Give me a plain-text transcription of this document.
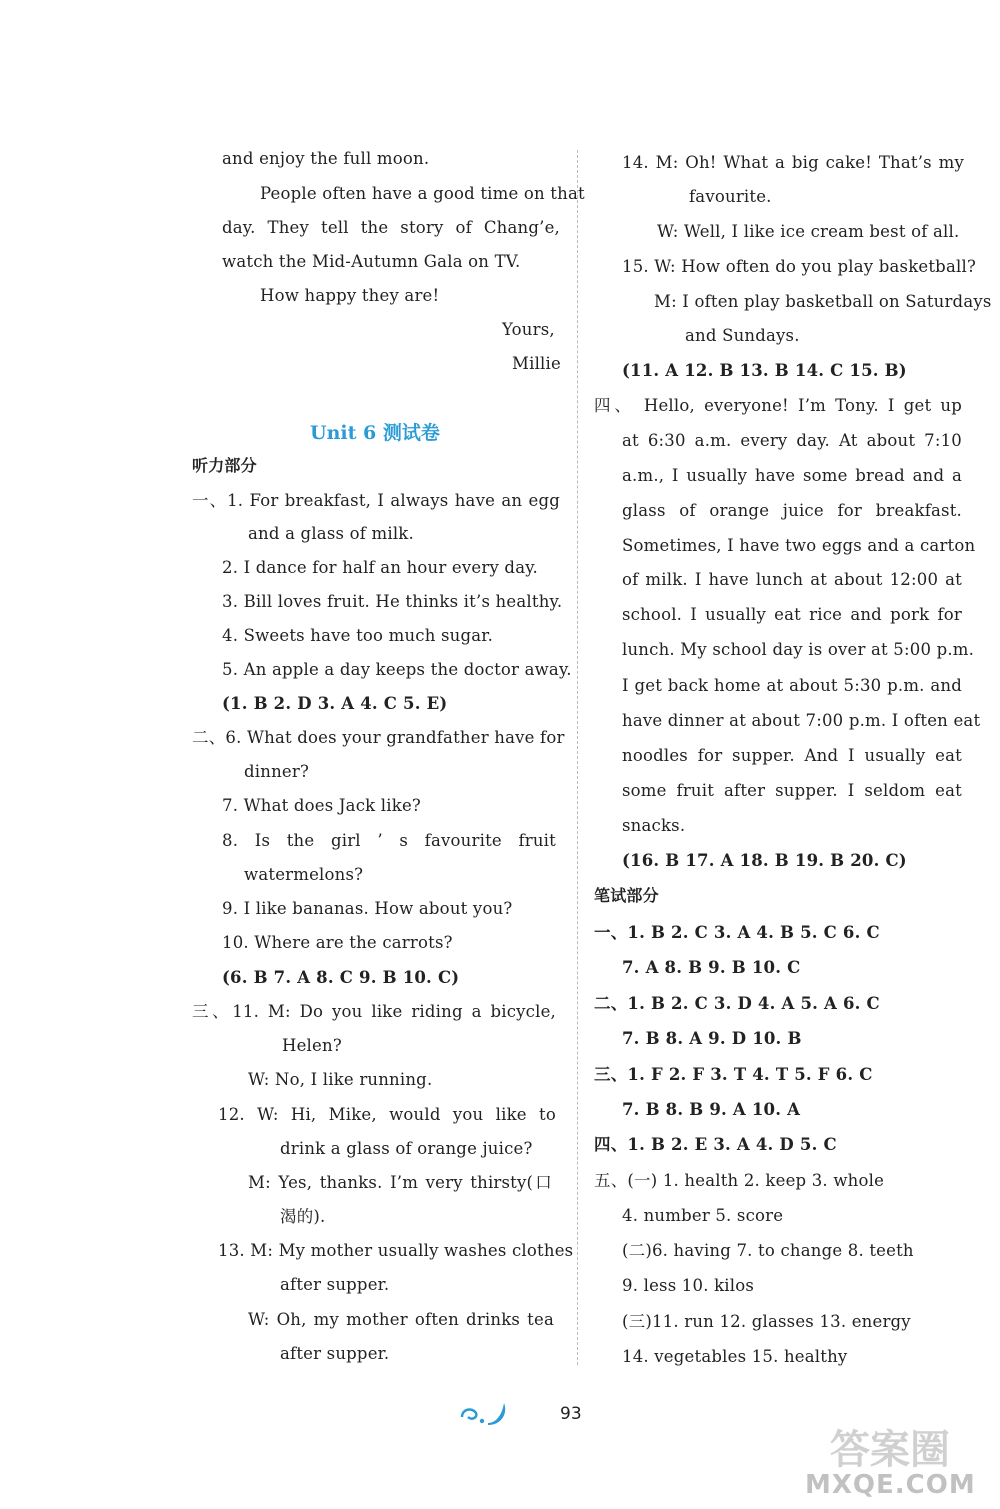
and enjoy the full moon.
People often have a good time on that
day. They tell the story of Chang’e,
watch the Mid-Autumn Gala on TV.
How happy they are!
Yours,
Millie
Unit 6 测试卷
听力部分
一、1. For breakfast, I always have an egg
and a glass of milk.
2. I dance for half an hour every day.
3. Bill loves fruit. He thinks it’s healthy.
4. Sweets have too much sugar.
5. An apple a day keeps the doctor away.
(1. B 2. D 3. A 4. C 5. E)
二、6. What does your grandfather have for
dinner?
7. What does Jack like?
8. Is the girl ’ s favourite fruit
watermelons?
9. I like bananas. How about you?
10. Where are the carrots?
(6. B 7. A 8. C 9. B 10. C)
三、11. M: Do you like riding a bicycle,
Helen?
W: No, I like running.
12. W: Hi, Mike, would you like to
drink a glass of orange juice?
M: Yes, thanks. I’m very thirsty(口
渴的).
13. M: My mother usually washes clothes
after supper.
W: Oh, my mother often drinks tea
after supper.
14. M: Oh! What a big cake! That’s my
favourite.
W: Well, I like ice cream best of all.
15. W: How often do you play basketball?
M: I often play basketball on Saturdays
and Sundays.
(11. A 12. B 13. B 14. C 15. B)
四、 Hello, everyone! I’m Tony. I get up
at 6:30 a.m. every day. At about 7:10
a.m., I usually have some bread and a
glass of orange juice for breakfast.
Sometimes, I have two eggs and a carton
of milk. I have lunch at about 12:00 at
school. I usually eat rice and pork for
lunch. My school day is over at 5:00 p.m.
I get back home at about 5:30 p.m. and
have dinner at about 7:00 p.m. I often eat
noodles for supper. And I usually eat
some fruit after supper. I seldom eat
snacks.
(16. B 17. A 18. B 19. B 20. C)
笔试部分
一、1. B 2. C 3. A 4. B 5. C 6. C
7. A 8. B 9. B 10. C
二、1. B 2. C 3. D 4. A 5. A 6. C
7. B 8. A 9. D 10. B
三、1. F 2. F 3. T 4. T 5. F 6. C
7. B 8. B 9. A 10. A
四、1. B 2. E 3. A 4. D 5. C
五、(一) 1. health 2. keep 3. whole
4. number 5. score
(二)6. having 7. to change 8. teeth
9. less 10. kilos
(三)11. run 12. glasses 13. energy
14. vegetables 15. healthy
93
答案圈
MXQE.COM
